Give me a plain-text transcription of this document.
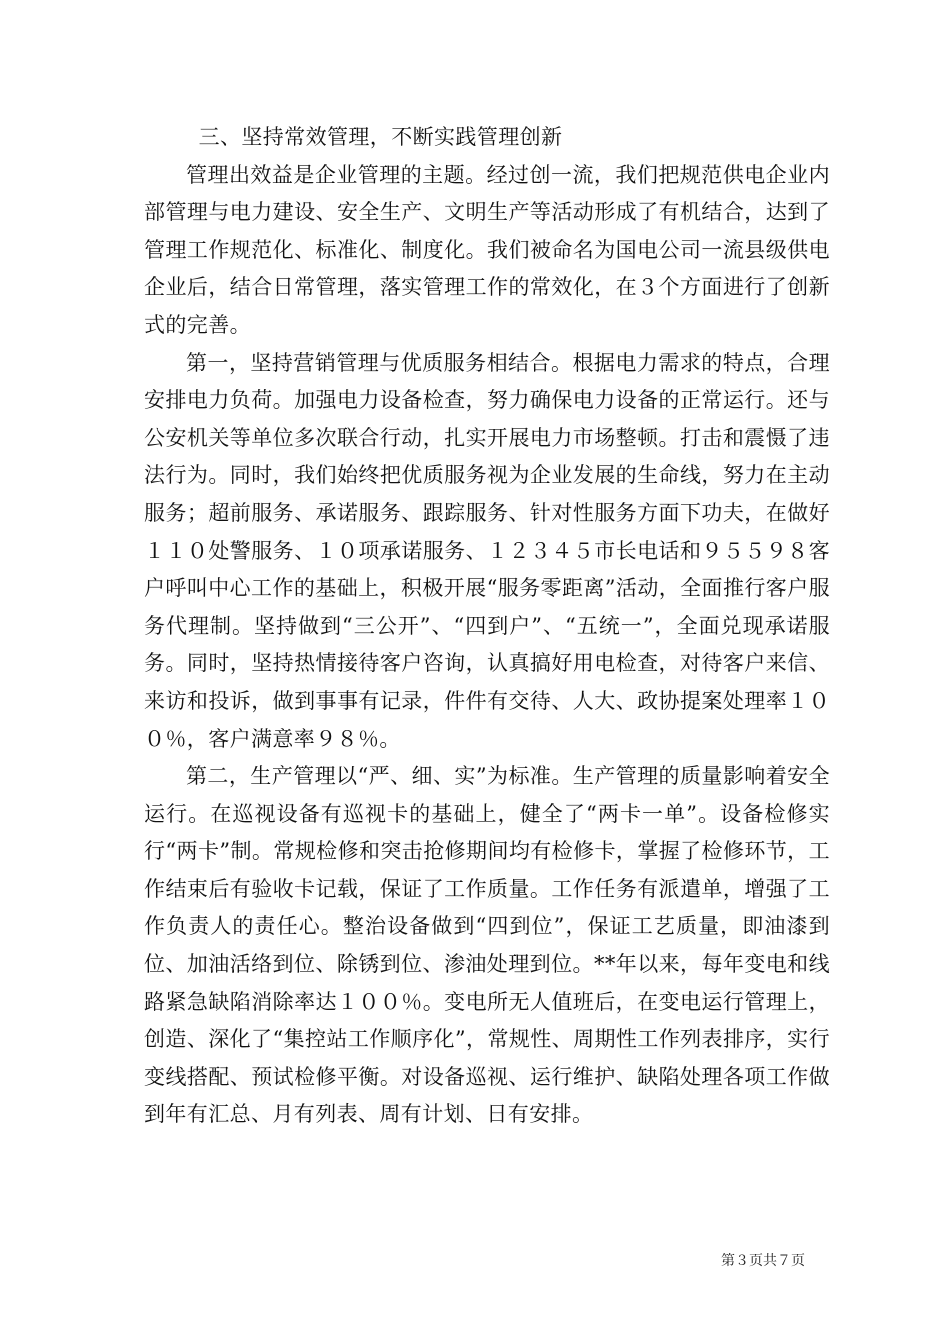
三、坚持常效管理，不断实践管理创新

管理出效益是企业管理的主题。经过创一流，我们把规范供电企业内部管理与电力建设、安全生产、文明生产等活动形成了有机结合，达到了管理工作规范化、标准化、制度化。我们被命名为国电公司一流县级供电企业后，结合日常管理，落实管理工作的常效化，在３个方面进行了创新式的完善。

第一，坚持营销管理与优质服务相结合。根据电力需求的特点，合理安排电力负荷。加强电力设备检查，努力确保电力设备的正常运行。还与公安机关等单位多次联合行动，扎实开展电力市场整顿。打击和震慑了违法行为。同时，我们始终把优质服务视为企业发展的生命线，努力在主动服务；超前服务、承诺服务、跟踪服务、针对性服务方面下功夫，在做好１１０处警服务、１０项承诺服务、１２３４５市长电话和９５５９８客户呼叫中心工作的基础上，积极开展“服务零距离”活动，全面推行客户服务代理制。坚持做到“三公开”、“四到户”、“五统一”，全面兑现承诺服务。同时，坚持热情接待客户咨询，认真搞好用电检查，对待客户来信、来访和投诉，做到事事有记录，件件有交待、人大、政协提案处理率１００％，客户满意率９８％。

第二，生产管理以“严、细、实”为标准。生产管理的质量影响着安全运行。在巡视设备有巡视卡的基础上，健全了“两卡一单”。设备检修实行“两卡”制。常规检修和突击抢修期间均有检修卡，掌握了检修环节，工作结束后有验收卡记载，保证了工作质量。工作任务有派遣单，增强了工作负责人的责任心。整治设备做到“四到位”，保证工艺质量，即油漆到位、加油活络到位、除锈到位、渗油处理到位。**年以来，每年变电和线路紧急缺陷消除率达１００％。变电所无人值班后，在变电运行管理上，创造、深化了“集控站工作顺序化”，常规性、周期性工作列表排序，实行变线搭配、预试检修平衡。对设备巡视、运行维护、缺陷处理各项工作做到年有汇总、月有列表、周有计划、日有安排。

第３页共７页
